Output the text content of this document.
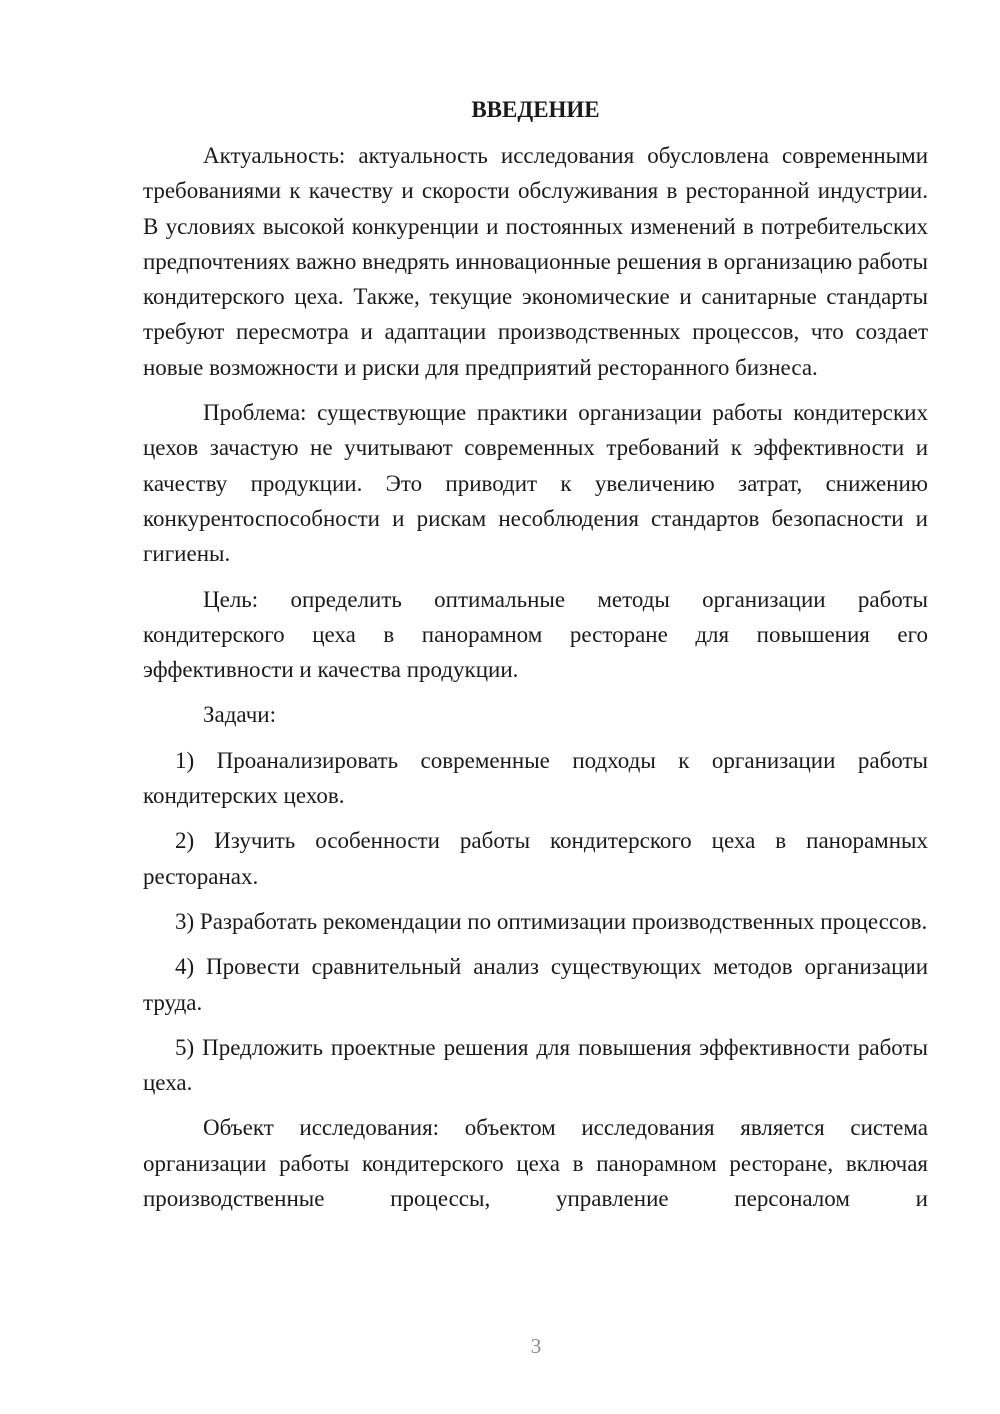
ВВЕДЕНИЕ

Актуальность: актуальность исследования обусловлена современными требованиями к качеству и скорости обслуживания в ресторанной индустрии. В условиях высокой конкуренции и постоянных изменений в потребительских предпочтениях важно внедрять инновационные решения в организацию работы кондитерского цеха. Также, текущие экономические и санитарные стандарты требуют пересмотра и адаптации производственных процессов, что создает новые возможности и риски для предприятий ресторанного бизнеса.

Проблема: существующие практики организации работы кондитерских цехов зачастую не учитывают современных требований к эффективности и качеству продукции. Это приводит к увеличению затрат, снижению конкурентоспособности и рискам несоблюдения стандартов безопасности и гигиены.

Цель: определить оптимальные методы организации работы кондитерского цеха в панорамном ресторане для повышения его эффективности и качества продукции.

Задачи:

1) Проанализировать современные подходы к организации работы кондитерских цехов.

2) Изучить особенности работы кондитерского цеха в панорамных ресторанах.

3) Разработать рекомендации по оптимизации производственных процессов.

4) Провести сравнительный анализ существующих методов организации труда.

5) Предложить проектные решения для повышения эффективности работы цеха.

Объект исследования: объектом исследования является система организации работы кондитерского цеха в панорамном ресторане, включая производственные процессы, управление персоналом и

3
